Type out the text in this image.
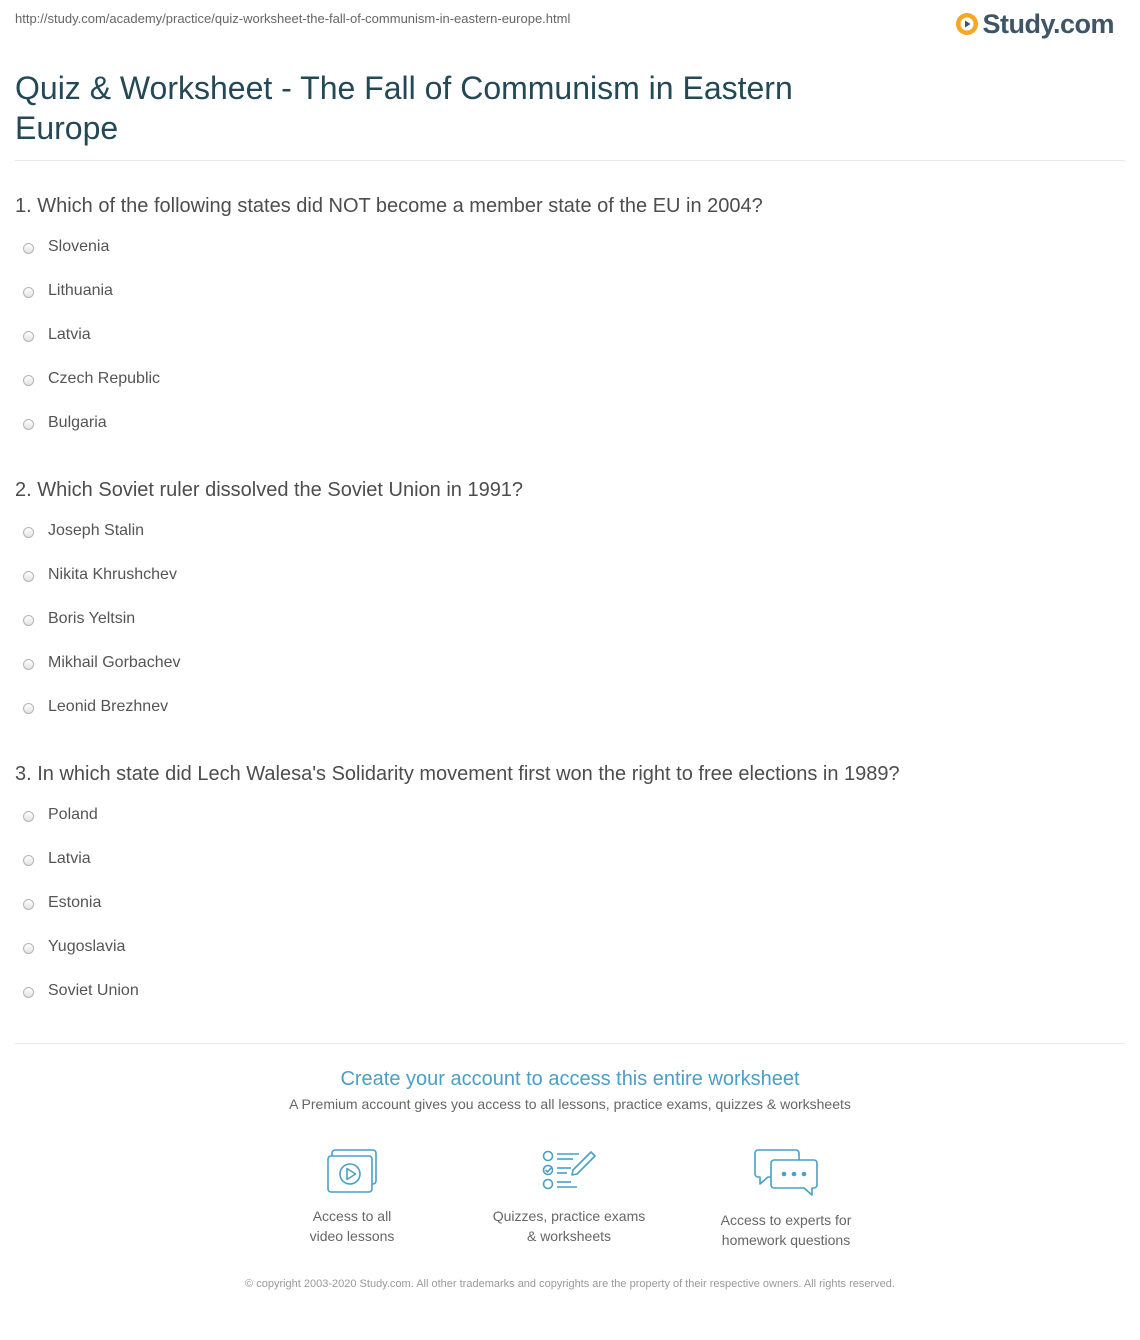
http://study.com/academy/practice/quiz-worksheet-the-fall-of-communism-in-eastern-europe.html	Study.com
Quiz & Worksheet - The Fall of Communism in Eastern Europe
1. Which of the following states did NOT become a member state of the EU in 2004?
Slovenia
Lithuania
Latvia
Czech Republic
Bulgaria
2. Which Soviet ruler dissolved the Soviet Union in 1991?
Joseph Stalin
Nikita Khrushchev
Boris Yeltsin
Mikhail Gorbachev
Leonid Brezhnev
3. In which state did Lech Walesa's Solidarity movement first won the right to free elections in 1989?
Poland
Latvia
Estonia
Yugoslavia
Soviet Union
Create your account to access this entire worksheet
A Premium account gives you access to all lessons, practice exams, quizzes & worksheets
Access to all
video lessons
Quizzes, practice exams
& worksheets
Access to experts for
homework questions
© copyright 2003-2020 Study.com. All other trademarks and copyrights are the property of their respective owners. All rights reserved.
